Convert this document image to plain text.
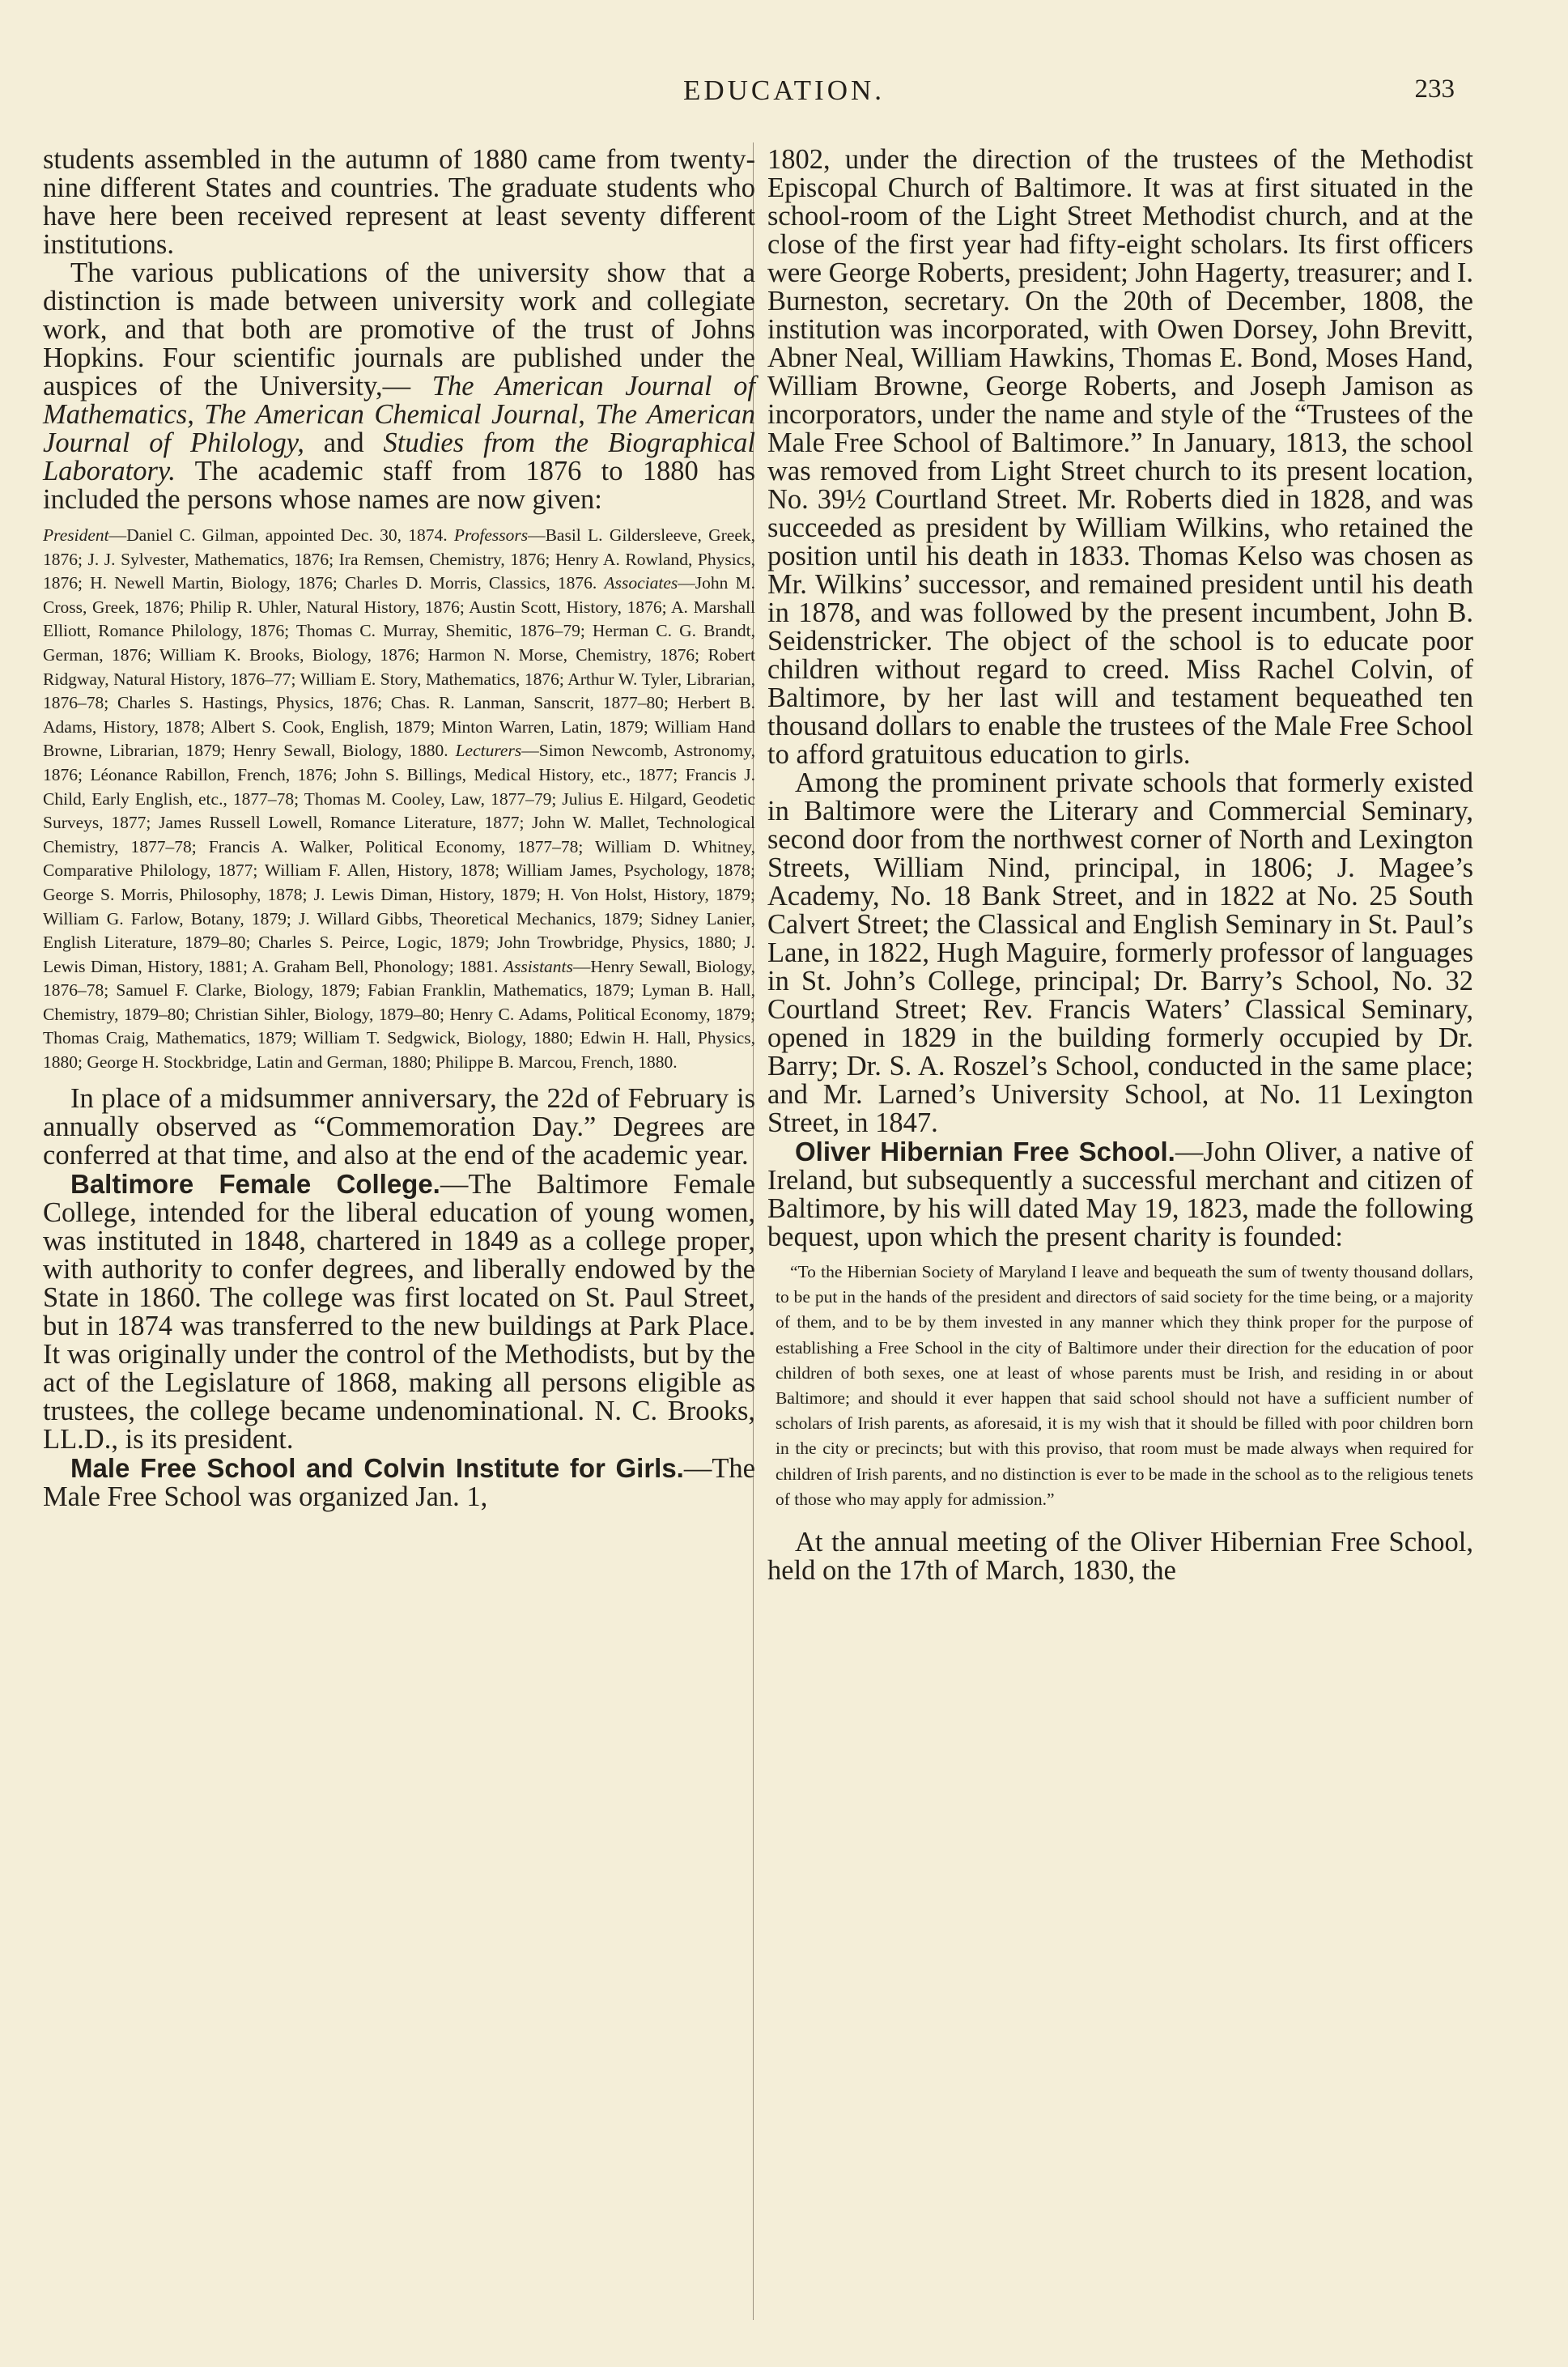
EDUCATION.	233

students assembled in the autumn of 1880 came from twenty-nine different States and countries. The graduate students who have here been received represent at least seventy different institutions.

The various publications of the university show that a distinction is made between university work and collegiate work, and that both are promotive of the trust of Johns Hopkins. Four scientific journals are published under the auspices of the University,— The American Journal of Mathematics, The American Chemical Journal, The American Journal of Philology, and Studies from the Biographical Laboratory. The academic staff from 1876 to 1880 has included the persons whose names are now given:

President—Daniel C. Gilman, appointed Dec. 30, 1874. Professors—Basil L. Gildersleeve, Greek, 1876; J. J. Sylvester, Mathematics, 1876; Ira Remsen, Chemistry, 1876; Henry A. Rowland, Physics, 1876; H. Newell Martin, Biology, 1876; Charles D. Morris, Classics, 1876. Associates—John M. Cross, Greek, 1876; Philip R. Uhler, Natural History, 1876; Austin Scott, History, 1876; A. Marshall Elliott, Romance Philology, 1876; Thomas C. Murray, Shemitic, 1876–79; Herman C. G. Brandt, German, 1876; William K. Brooks, Biology, 1876; Harmon N. Morse, Chemistry, 1876; Robert Ridgway, Natural History, 1876–77; William E. Story, Mathematics, 1876; Arthur W. Tyler, Librarian, 1876–78; Charles S. Hastings, Physics, 1876; Chas. R. Lanman, Sanscrit, 1877–80; Herbert B. Adams, History, 1878; Albert S. Cook, English, 1879; Minton Warren, Latin, 1879; William Hand Browne, Librarian, 1879; Henry Sewall, Biology, 1880. Lecturers—Simon Newcomb, Astronomy, 1876; Léonance Rabillon, French, 1876; John S. Billings, Medical History, etc., 1877; Francis J. Child, Early English, etc., 1877–78; Thomas M. Cooley, Law, 1877–79; Julius E. Hilgard, Geodetic Surveys, 1877; James Russell Lowell, Romance Literature, 1877; John W. Mallet, Technological Chemistry, 1877–78; Francis A. Walker, Political Economy, 1877–78; William D. Whitney, Comparative Philology, 1877; William F. Allen, History, 1878; William James, Psychology, 1878; George S. Morris, Philosophy, 1878; J. Lewis Diman, History, 1879; H. Von Holst, History, 1879; William G. Farlow, Botany, 1879; J. Willard Gibbs, Theoretical Mechanics, 1879; Sidney Lanier, English Literature, 1879–80; Charles S. Peirce, Logic, 1879; John Trowbridge, Physics, 1880; J. Lewis Diman, History, 1881; A. Graham Bell, Phonology; 1881. Assistants—Henry Sewall, Biology, 1876–78; Samuel F. Clarke, Biology, 1879; Fabian Franklin, Mathematics, 1879; Lyman B. Hall, Chemistry, 1879–80; Christian Sihler, Biology, 1879–80; Henry C. Adams, Political Economy, 1879; Thomas Craig, Mathematics, 1879; William T. Sedgwick, Biology, 1880; Edwin H. Hall, Physics, 1880; George H. Stockbridge, Latin and German, 1880; Philippe B. Marcou, French, 1880.

In place of a midsummer anniversary, the 22d of February is annually observed as “Commemoration Day.” Degrees are conferred at that time, and also at the end of the academic year.

Baltimore Female College.—The Baltimore Female College, intended for the liberal education of young women, was instituted in 1848, chartered in 1849 as a college proper, with authority to confer degrees, and liberally endowed by the State in 1860. The college was first located on St. Paul Street, but in 1874 was transferred to the new buildings at Park Place. It was originally under the control of the Methodists, but by the act of the Legislature of 1868, making all persons eligible as trustees, the college became undenominational. N. C. Brooks, LL.D., is its president.

Male Free School and Colvin Institute for Girls.—The Male Free School was organized Jan. 1,

1802, under the direction of the trustees of the Methodist Episcopal Church of Baltimore. It was at first situated in the school-room of the Light Street Methodist church, and at the close of the first year had fifty-eight scholars. Its first officers were George Roberts, president; John Hagerty, treasurer; and I. Burneston, secretary. On the 20th of December, 1808, the institution was incorporated, with Owen Dorsey, John Brevitt, Abner Neal, William Hawkins, Thomas E. Bond, Moses Hand, William Browne, George Roberts, and Joseph Jamison as incorporators, under the name and style of the “Trustees of the Male Free School of Baltimore.” In January, 1813, the school was removed from Light Street church to its present location, No. 39½ Courtland Street. Mr. Roberts died in 1828, and was succeeded as president by William Wilkins, who retained the position until his death in 1833. Thomas Kelso was chosen as Mr. Wilkins’ successor, and remained president until his death in 1878, and was followed by the present incumbent, John B. Seidenstricker. The object of the school is to educate poor children without regard to creed. Miss Rachel Colvin, of Baltimore, by her last will and testament bequeathed ten thousand dollars to enable the trustees of the Male Free School to afford gratuitous education to girls.

Among the prominent private schools that formerly existed in Baltimore were the Literary and Commercial Seminary, second door from the northwest corner of North and Lexington Streets, William Nind, principal, in 1806; J. Magee’s Academy, No. 18 Bank Street, and in 1822 at No. 25 South Calvert Street; the Classical and English Seminary in St. Paul’s Lane, in 1822, Hugh Maguire, formerly professor of languages in St. John’s College, principal; Dr. Barry’s School, No. 32 Courtland Street; Rev. Francis Waters’ Classical Seminary, opened in 1829 in the building formerly occupied by Dr. Barry; Dr. S. A. Roszel’s School, conducted in the same place; and Mr. Larned’s University School, at No. 11 Lexington Street, in 1847.

Oliver Hibernian Free School.—John Oliver, a native of Ireland, but subsequently a successful merchant and citizen of Baltimore, by his will dated May 19, 1823, made the following bequest, upon which the present charity is founded:

“To the Hibernian Society of Maryland I leave and bequeath the sum of twenty thousand dollars, to be put in the hands of the president and directors of said society for the time being, or a majority of them, and to be by them invested in any manner which they think proper for the purpose of establishing a Free School in the city of Baltimore under their direction for the education of poor children of both sexes, one at least of whose parents must be Irish, and residing in or about Baltimore; and should it ever happen that said school should not have a sufficient number of scholars of Irish parents, as aforesaid, it is my wish that it should be filled with poor children born in the city or precincts; but with this proviso, that room must be made always when required for children of Irish parents, and no distinction is ever to be made in the school as to the religious tenets of those who may apply for admission.”

At the annual meeting of the Oliver Hibernian Free School, held on the 17th of March, 1830, the
